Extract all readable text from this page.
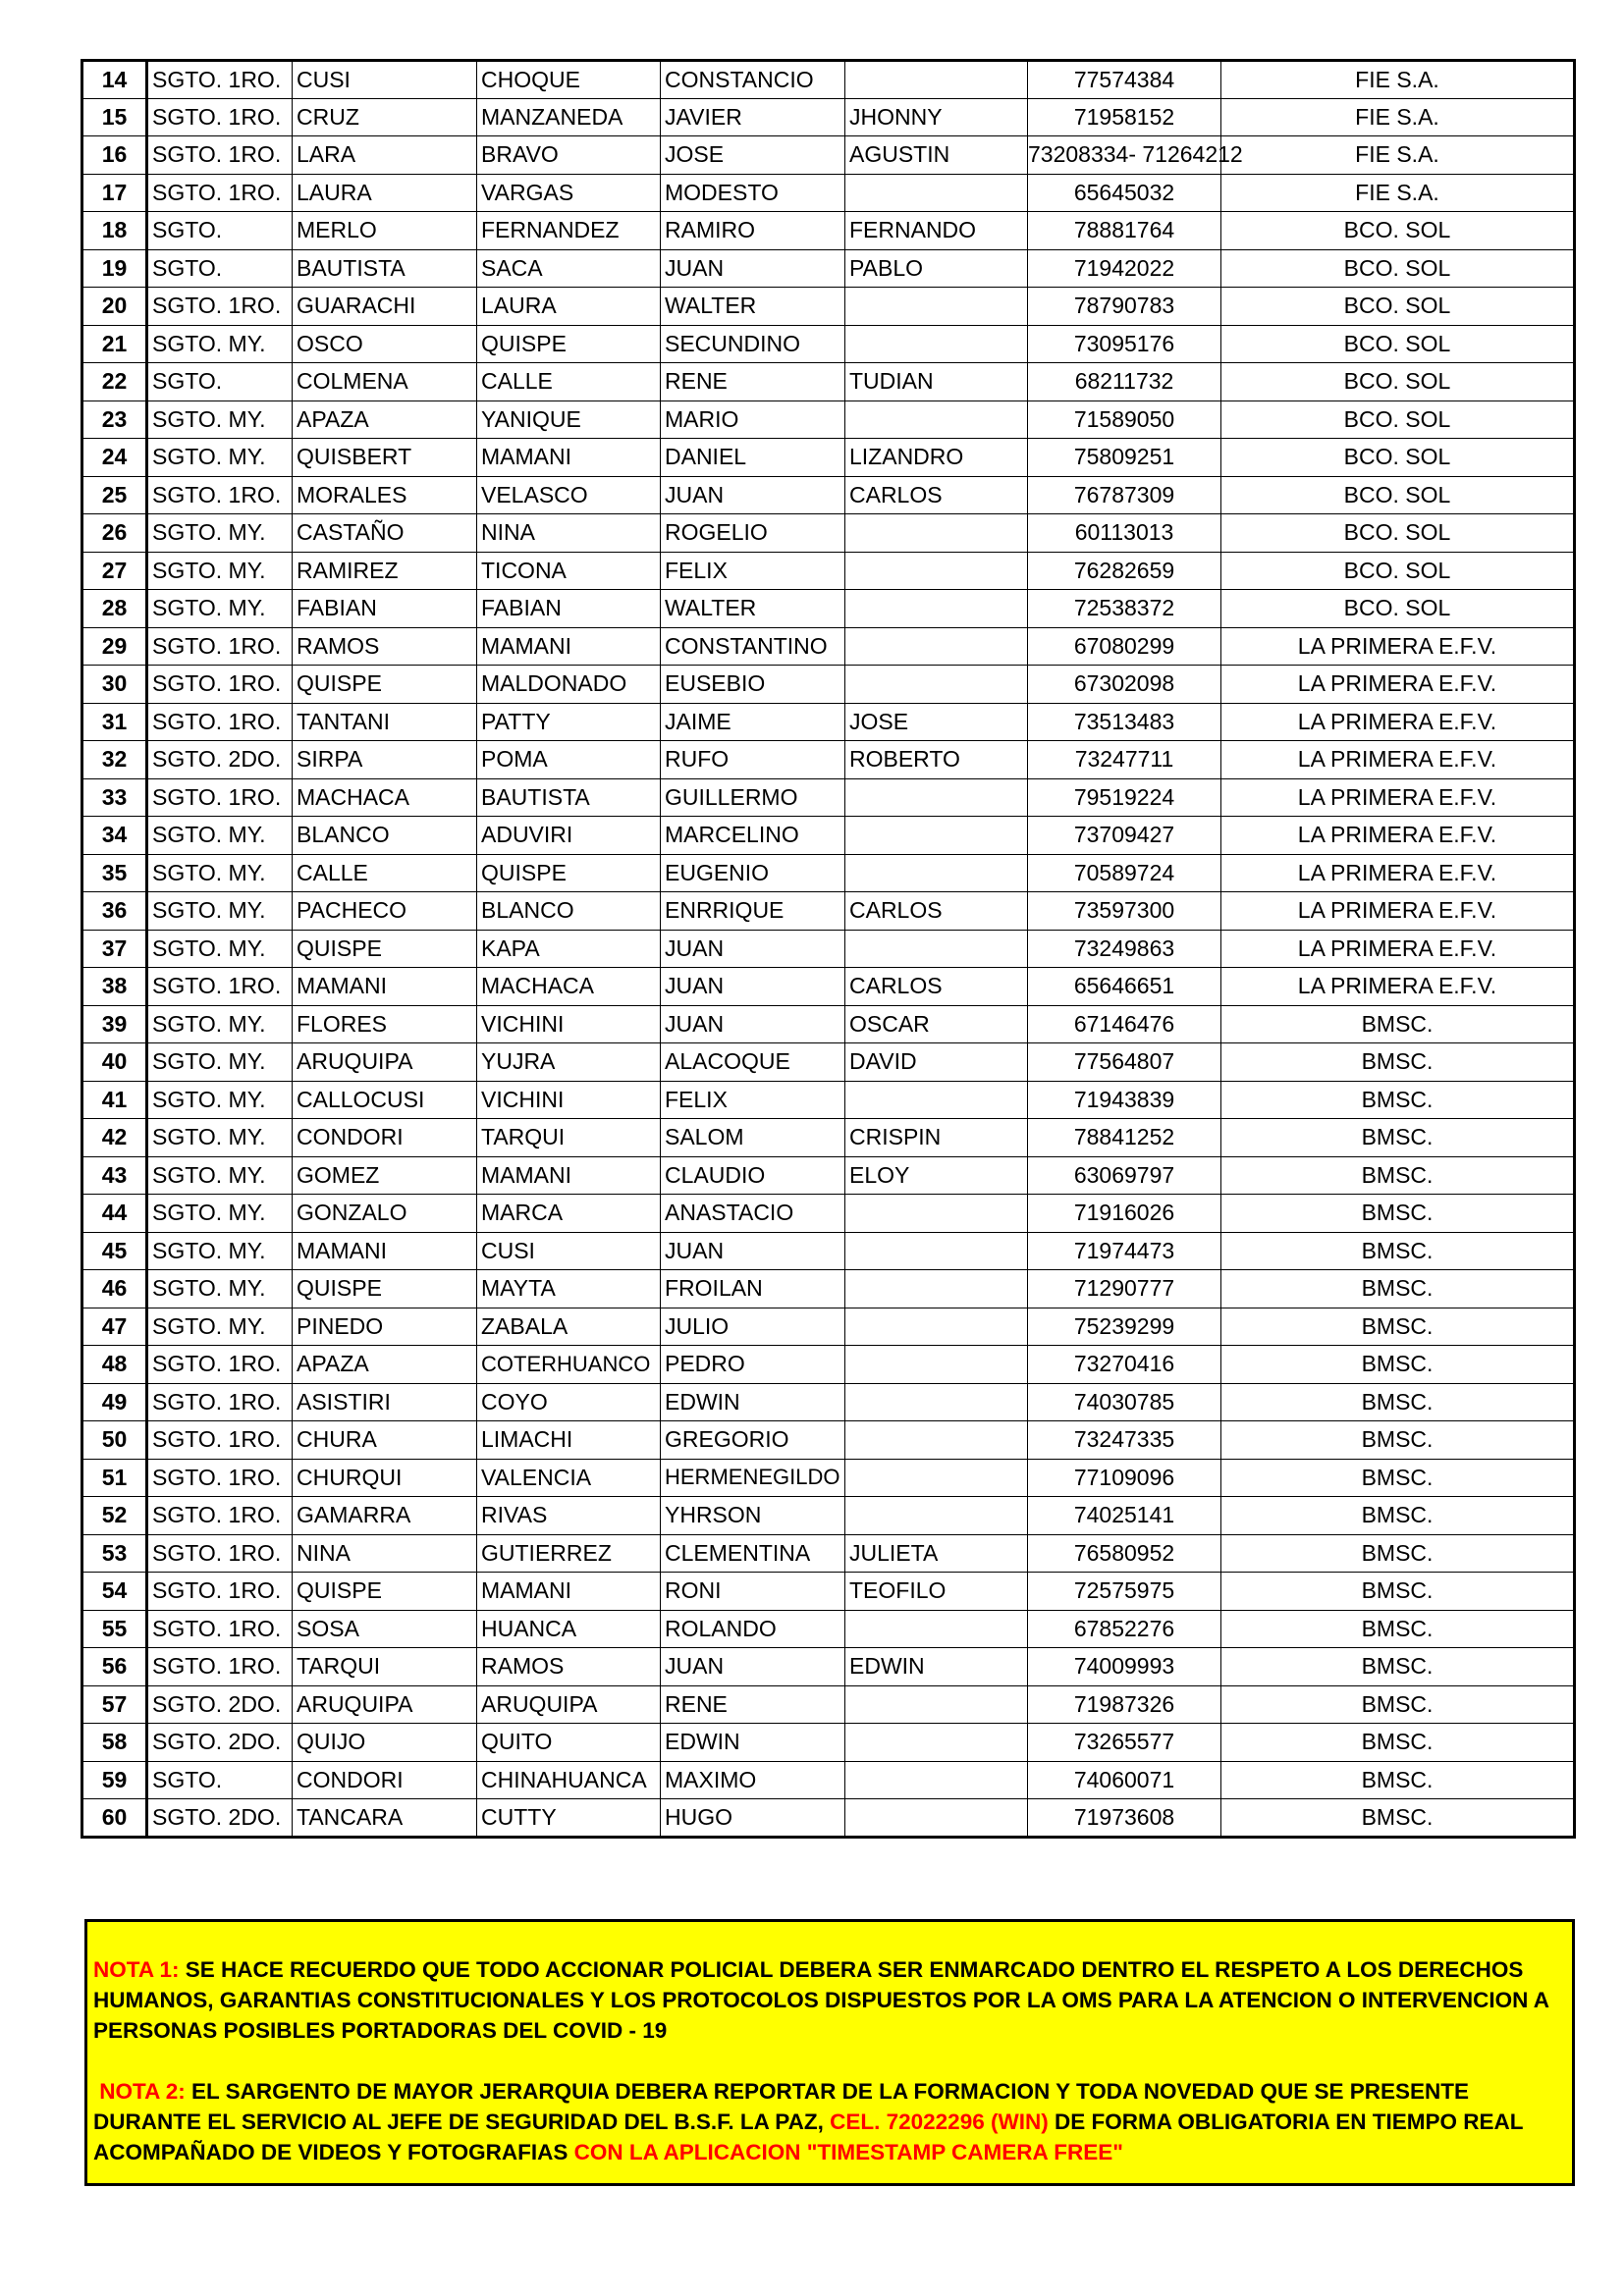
14	SGTO. 1RO.	CUSI	CHOQUE	CONSTANCIO		77574384	FIE S.A.
15	SGTO. 1RO.	CRUZ	MANZANEDA	JAVIER	JHONNY	71958152	FIE S.A.
16	SGTO. 1RO.	LARA	BRAVO	JOSE	AGUSTIN	73208334- 71264212	FIE S.A.
17	SGTO. 1RO.	LAURA	VARGAS	MODESTO		65645032	FIE S.A.
18	SGTO.	MERLO	FERNANDEZ	RAMIRO	FERNANDO	78881764	BCO. SOL
19	SGTO.	BAUTISTA	SACA	JUAN	PABLO	71942022	BCO. SOL
20	SGTO. 1RO.	GUARACHI	LAURA	WALTER		78790783	BCO. SOL
21	SGTO. MY.	OSCO	QUISPE	SECUNDINO		73095176	BCO. SOL
22	SGTO.	COLMENA	CALLE	RENE	TUDIAN	68211732	BCO. SOL
23	SGTO. MY.	APAZA	YANIQUE	MARIO		71589050	BCO. SOL
24	SGTO. MY.	QUISBERT	MAMANI	DANIEL	LIZANDRO	75809251	BCO. SOL
25	SGTO. 1RO.	MORALES	VELASCO	JUAN	CARLOS	76787309	BCO. SOL
26	SGTO. MY.	CASTAÑO	NINA	ROGELIO		60113013	BCO. SOL
27	SGTO. MY.	RAMIREZ	TICONA	FELIX		76282659	BCO. SOL
28	SGTO. MY.	FABIAN	FABIAN	WALTER		72538372	BCO. SOL
29	SGTO. 1RO.	RAMOS	MAMANI	CONSTANTINO		67080299	LA PRIMERA E.F.V.
30	SGTO. 1RO.	QUISPE	MALDONADO	EUSEBIO		67302098	LA PRIMERA E.F.V.
31	SGTO. 1RO.	TANTANI	PATTY	JAIME	JOSE	73513483	LA PRIMERA E.F.V.
32	SGTO. 2DO.	SIRPA	POMA	RUFO	ROBERTO	73247711	LA PRIMERA E.F.V.
33	SGTO. 1RO.	MACHACA	BAUTISTA	GUILLERMO		79519224	LA PRIMERA E.F.V.
34	SGTO. MY.	BLANCO	ADUVIRI	MARCELINO		73709427	LA PRIMERA E.F.V.
35	SGTO. MY.	CALLE	QUISPE	EUGENIO		70589724	LA PRIMERA E.F.V.
36	SGTO. MY.	PACHECO	BLANCO	ENRRIQUE	CARLOS	73597300	LA PRIMERA E.F.V.
37	SGTO. MY.	QUISPE	KAPA	JUAN		73249863	LA PRIMERA E.F.V.
38	SGTO. 1RO.	MAMANI	MACHACA	JUAN	CARLOS	65646651	LA PRIMERA E.F.V.
39	SGTO. MY.	FLORES	VICHINI	JUAN	OSCAR	67146476	BMSC.
40	SGTO. MY.	ARUQUIPA	YUJRA	ALACOQUE	DAVID	77564807	BMSC.
41	SGTO. MY.	CALLOCUSI	VICHINI	FELIX		71943839	BMSC.
42	SGTO. MY.	CONDORI	TARQUI	SALOM	CRISPIN	78841252	BMSC.
43	SGTO. MY.	GOMEZ	MAMANI	CLAUDIO	ELOY	63069797	BMSC.
44	SGTO. MY.	GONZALO	MARCA	ANASTACIO		71916026	BMSC.
45	SGTO. MY.	MAMANI	CUSI	JUAN		71974473	BMSC.
46	SGTO. MY.	QUISPE	MAYTA	FROILAN		71290777	BMSC.
47	SGTO. MY.	PINEDO	ZABALA	JULIO		75239299	BMSC.
48	SGTO. 1RO.	APAZA	COTERHUANCO	PEDRO		73270416	BMSC.
49	SGTO. 1RO.	ASISTIRI	COYO	EDWIN		74030785	BMSC.
50	SGTO. 1RO.	CHURA	LIMACHI	GREGORIO		73247335	BMSC.
51	SGTO. 1RO.	CHURQUI	VALENCIA	HERMENEGILDO		77109096	BMSC.
52	SGTO. 1RO.	GAMARRA	RIVAS	YHRSON		74025141	BMSC.
53	SGTO. 1RO.	NINA	GUTIERREZ	CLEMENTINA	JULIETA	76580952	BMSC.
54	SGTO. 1RO.	QUISPE	MAMANI	RONI	TEOFILO	72575975	BMSC.
55	SGTO. 1RO.	SOSA	HUANCA	ROLANDO		67852276	BMSC.
56	SGTO. 1RO.	TARQUI	RAMOS	JUAN	EDWIN	74009993	BMSC.
57	SGTO. 2DO.	ARUQUIPA	ARUQUIPA	RENE		71987326	BMSC.
58	SGTO. 2DO.	QUIJO	QUITO	EDWIN		73265577	BMSC.
59	SGTO.	CONDORI	CHINAHUANCA	MAXIMO		74060071	BMSC.
60	SGTO. 2DO.	TANCARA	CUTTY	HUGO		71973608	BMSC.

NOTA 1: SE HACE RECUERDO QUE TODO ACCIONAR POLICIAL DEBERA SER ENMARCADO DENTRO EL RESPETO A LOS DERECHOS HUMANOS, GARANTIAS CONSTITUCIONALES Y LOS PROTOCOLOS DISPUESTOS POR LA OMS PARA LA ATENCION O INTERVENCION A PERSONAS POSIBLES PORTADORAS DEL COVID - 19

NOTA 2: EL SARGENTO DE MAYOR JERARQUIA DEBERA REPORTAR DE LA FORMACION Y TODA NOVEDAD QUE SE PRESENTE DURANTE EL SERVICIO AL JEFE DE SEGURIDAD DEL B.S.F. LA PAZ, CEL. 72022296 (WIN) DE FORMA OBLIGATORIA EN TIEMPO REAL ACOMPAÑADO DE VIDEOS Y FOTOGRAFIAS CON LA APLICACION "TIMESTAMP CAMERA FREE"
